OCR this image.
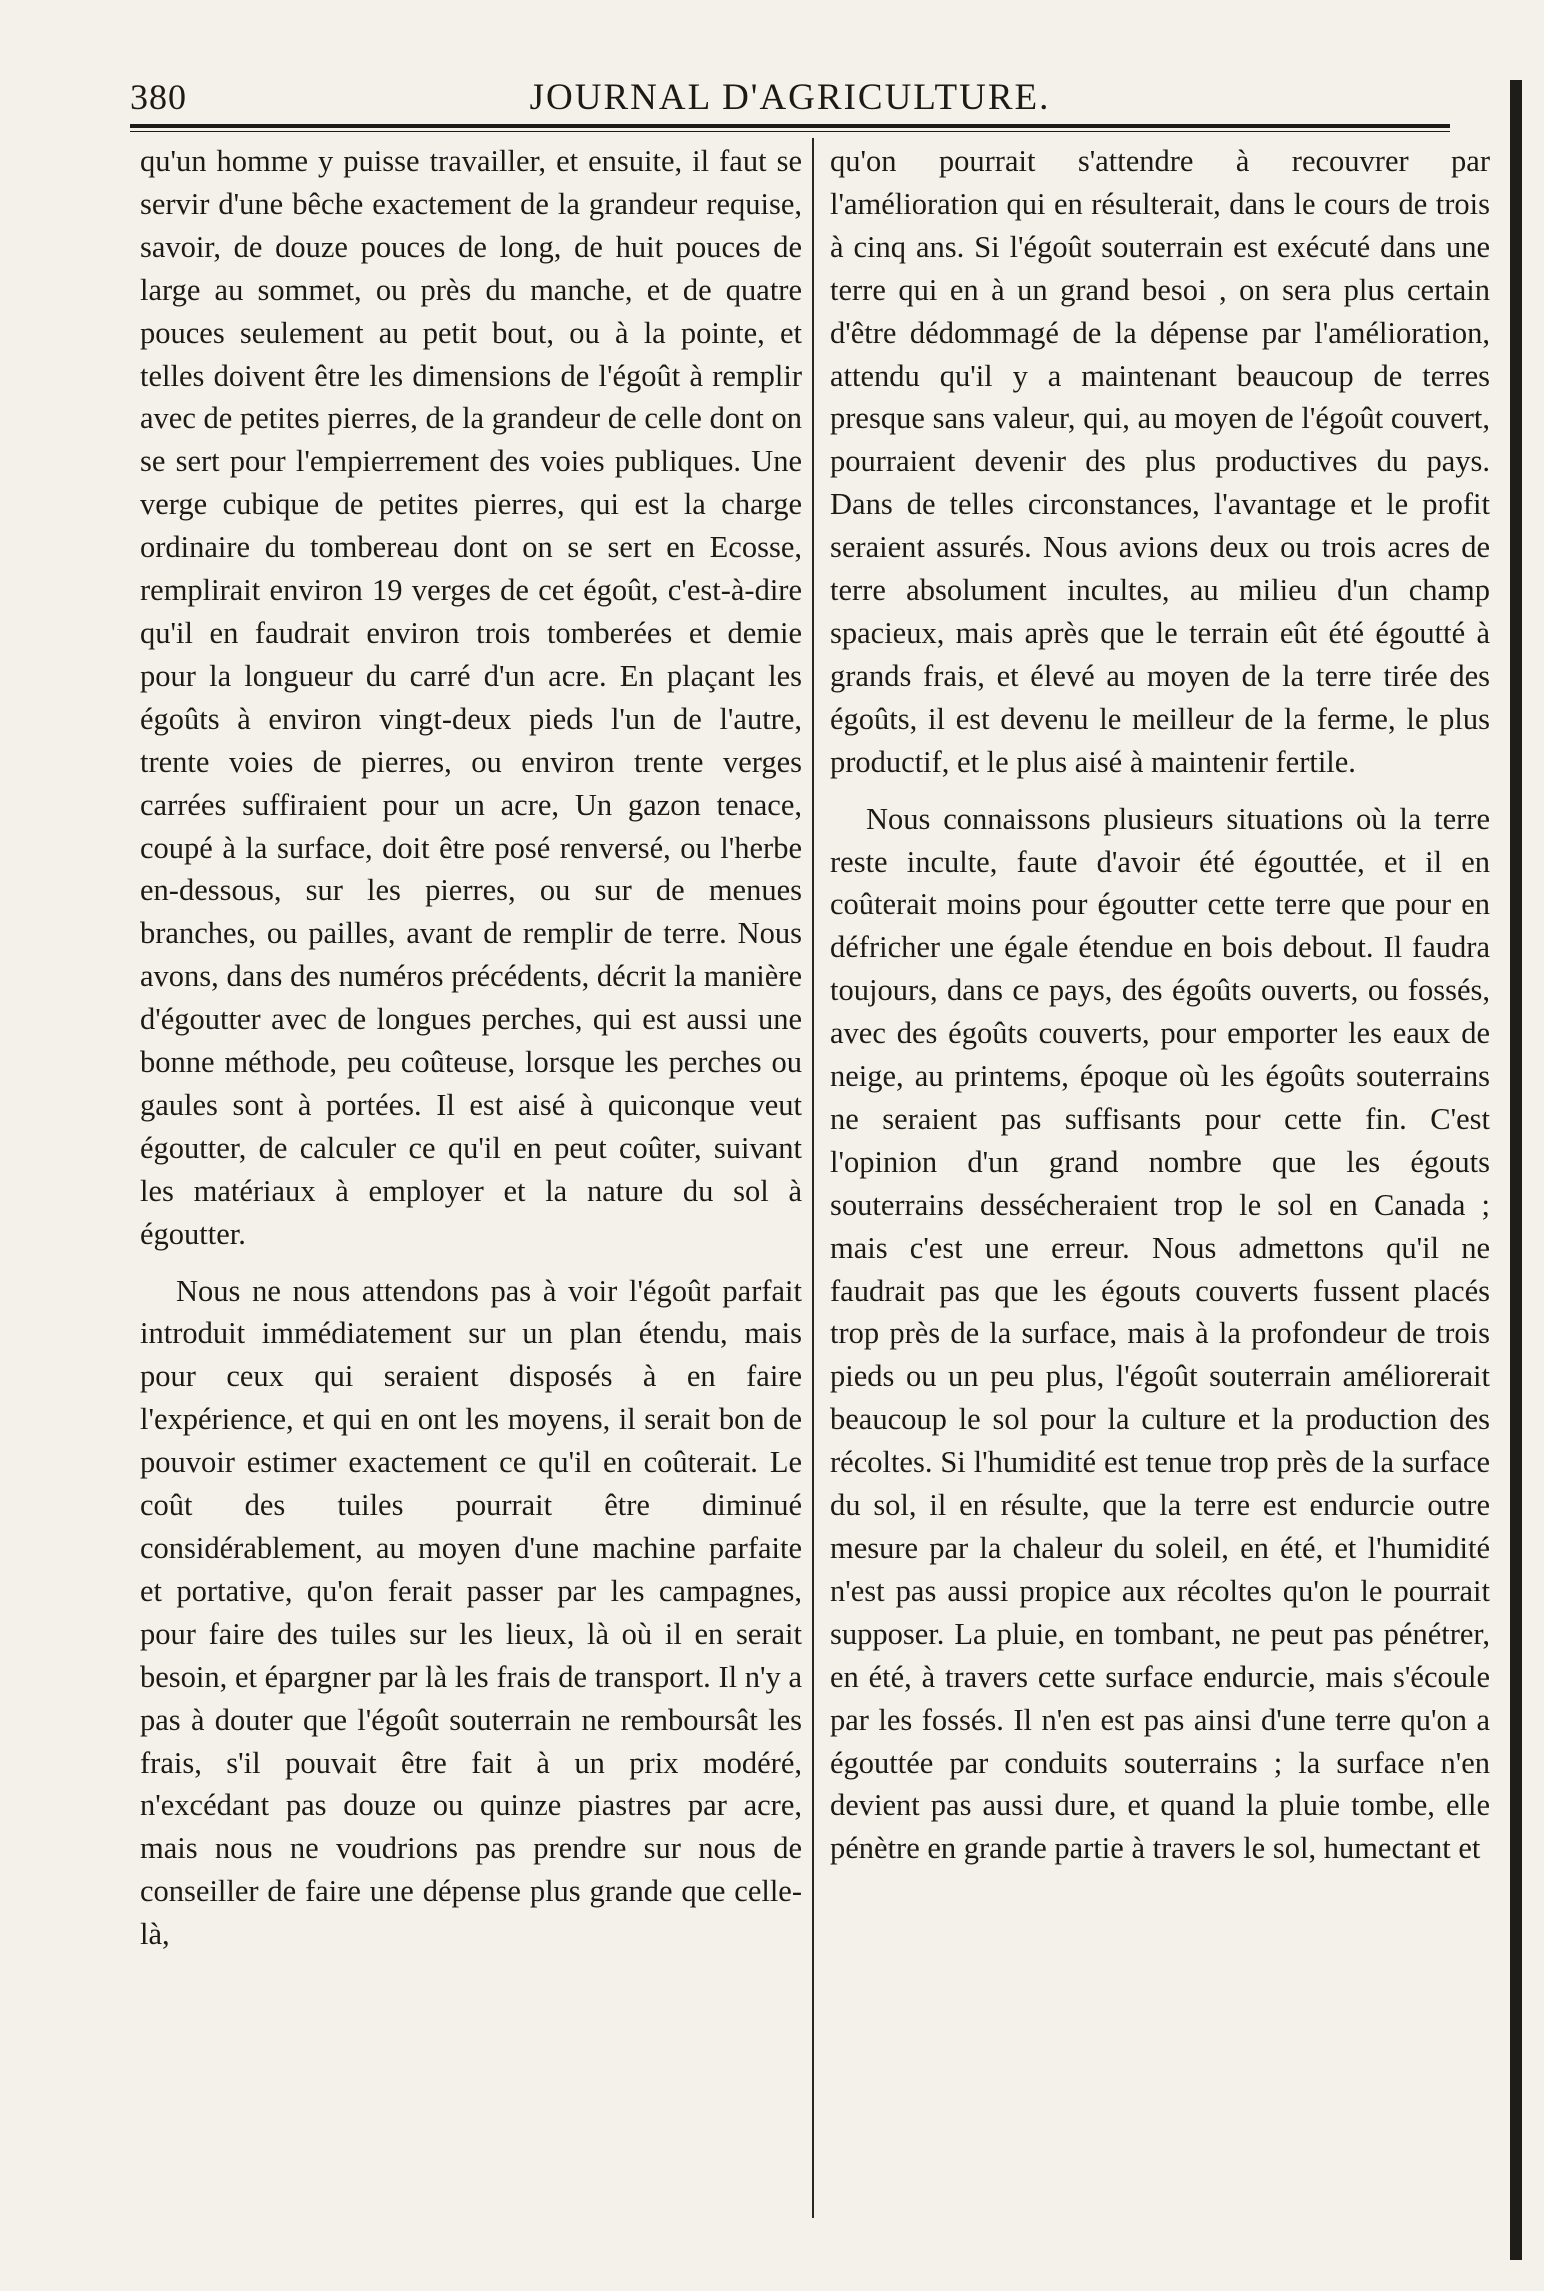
380	JOURNAL D'AGRICULTURE.

qu'un homme y puisse travailler, et ensuite, il faut se servir d'une bêche exactement de la grandeur requise, savoir, de douze pouces de long, de huit pouces de large au sommet, ou près du manche, et de quatre pouces seulement au petit bout, ou à la pointe, et telles doivent être les dimensions de l'égoût à remplir avec de petites pierres, de la grandeur de celle dont on se sert pour l'empierrement des voies publiques. Une verge cubique de petites pierres, qui est la charge ordinaire du tombereau dont on se sert en Ecosse, remplirait environ 19 verges de cet égoût, c'est-à-dire qu'il en faudrait environ trois tomberées et demie pour la longueur du carré d'un acre. En plaçant les égoûts à environ vingt-deux pieds l'un de l'autre, trente voies de pierres, ou environ trente verges carrées suffiraient pour un acre, Un gazon tenace, coupé à la surface, doit être posé renversé, ou l'herbe en-dessous, sur les pierres, ou sur de menues branches, ou pailles, avant de remplir de terre. Nous avons, dans des numéros précédents, décrit la manière d'égoutter avec de longues perches, qui est aussi une bonne méthode, peu coûteuse, lorsque les perches ou gaules sont à portées. Il est aisé à quiconque veut égoutter, de calculer ce qu'il en peut coûter, suivant les matériaux à employer et la nature du sol à égoutter.

Nous ne nous attendons pas à voir l'égoût parfait introduit immédiatement sur un plan étendu, mais pour ceux qui seraient disposés à en faire l'expérience, et qui en ont les moyens, il serait bon de pouvoir estimer exactement ce qu'il en coûterait. Le coût des tuiles pourrait être diminué considérablement, au moyen d'une machine parfaite et portative, qu'on ferait passer par les campagnes, pour faire des tuiles sur les lieux, là où il en serait besoin, et épargner par là les frais de transport. Il n'y a pas à douter que l'égoût souterrain ne remboursât les frais, s'il pouvait être fait à un prix modéré, n'excédant pas douze ou quinze piastres par acre, mais nous ne voudrions pas prendre sur nous de conseiller de faire une dépense plus grande que celle-là,

qu'on pourrait s'attendre à recouvrer par l'amélioration qui en résulterait, dans le cours de trois à cinq ans. Si l'égoût souterrain est exécuté dans une terre qui en à un grand besoi , on sera plus certain d'être dédommagé de la dépense par l'amélioration, attendu qu'il y a maintenant beaucoup de terres presque sans valeur, qui, au moyen de l'égoût couvert, pourraient devenir des plus productives du pays. Dans de telles circonstances, l'avantage et le profit seraient assurés. Nous avions deux ou trois acres de terre absolument incultes, au milieu d'un champ spacieux, mais après que le terrain eût été égoutté à grands frais, et élevé au moyen de la terre tirée des égoûts, il est devenu le meilleur de la ferme, le plus productif, et le plus aisé à maintenir fertile.

Nous connaissons plusieurs situations où la terre reste inculte, faute d'avoir été égouttée, et il en coûterait moins pour égoutter cette terre que pour en défricher une égale étendue en bois debout. Il faudra toujours, dans ce pays, des égoûts ouverts, ou fossés, avec des égoûts couverts, pour emporter les eaux de neige, au printems, époque où les égoûts souterrains ne seraient pas suffisants pour cette fin. C'est l'opinion d'un grand nombre que les égouts souterrains dessécheraient trop le sol en Canada ; mais c'est une erreur. Nous admettons qu'il ne faudrait pas que les égouts couverts fussent placés trop près de la surface, mais à la profondeur de trois pieds ou un peu plus, l'égoût souterrain améliorerait beaucoup le sol pour la culture et la production des récoltes. Si l'humidité est tenue trop près de la surface du sol, il en résulte, que la terre est endurcie outre mesure par la chaleur du soleil, en été, et l'humidité n'est pas aussi propice aux récoltes qu'on le pourrait supposer. La pluie, en tombant, ne peut pas pénétrer, en été, à travers cette surface endurcie, mais s'écoule par les fossés. Il n'en est pas ainsi d'une terre qu'on a égouttée par conduits souterrains ; la surface n'en devient pas aussi dure, et quand la pluie tombe, elle pénètre en grande partie à travers le sol, humectant et
